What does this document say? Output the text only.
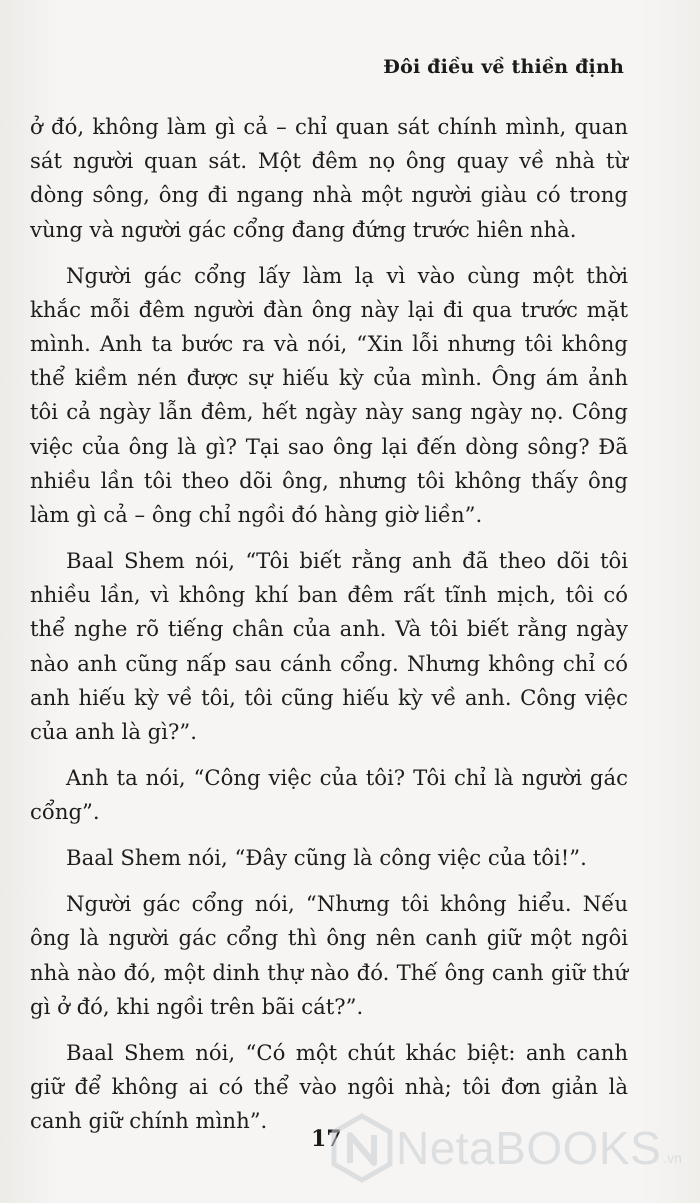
Đôi điều về thiền định

ở đó, không làm gì cả – chỉ quan sát chính mình, quan sát người quan sát. Một đêm nọ ông quay về nhà từ dòng sông, ông đi ngang nhà một người giàu có trong vùng và người gác cổng đang đứng trước hiên nhà.

Người gác cổng lấy làm lạ vì vào cùng một thời khắc mỗi đêm người đàn ông này lại đi qua trước mặt mình. Anh ta bước ra và nói, “Xin lỗi nhưng tôi không thể kiềm nén được sự hiếu kỳ của mình. Ông ám ảnh tôi cả ngày lẫn đêm, hết ngày này sang ngày nọ. Công việc của ông là gì? Tại sao ông lại đến dòng sông? Đã nhiều lần tôi theo dõi ông, nhưng tôi không thấy ông làm gì cả – ông chỉ ngồi đó hàng giờ liền”.

Baal Shem nói, “Tôi biết rằng anh đã theo dõi tôi nhiều lần, vì không khí ban đêm rất tĩnh mịch, tôi có thể nghe rõ tiếng chân của anh. Và tôi biết rằng ngày nào anh cũng nấp sau cánh cổng. Nhưng không chỉ có anh hiếu kỳ về tôi, tôi cũng hiếu kỳ về anh. Công việc của anh là gì?”.

Anh ta nói, “Công việc của tôi? Tôi chỉ là người gác cổng”.

Baal Shem nói, “Đây cũng là công việc của tôi!”.

Người gác cổng nói, “Nhưng tôi không hiểu. Nếu ông là người gác cổng thì ông nên canh giữ một ngôi nhà nào đó, một dinh thự nào đó. Thế ông canh giữ thứ gì ở đó, khi ngồi trên bãi cát?”.

Baal Shem nói, “Có một chút khác biệt: anh canh giữ để không ai có thể vào ngôi nhà; tôi đơn giản là canh giữ chính mình”.

17 NetaBOOKS .vn
